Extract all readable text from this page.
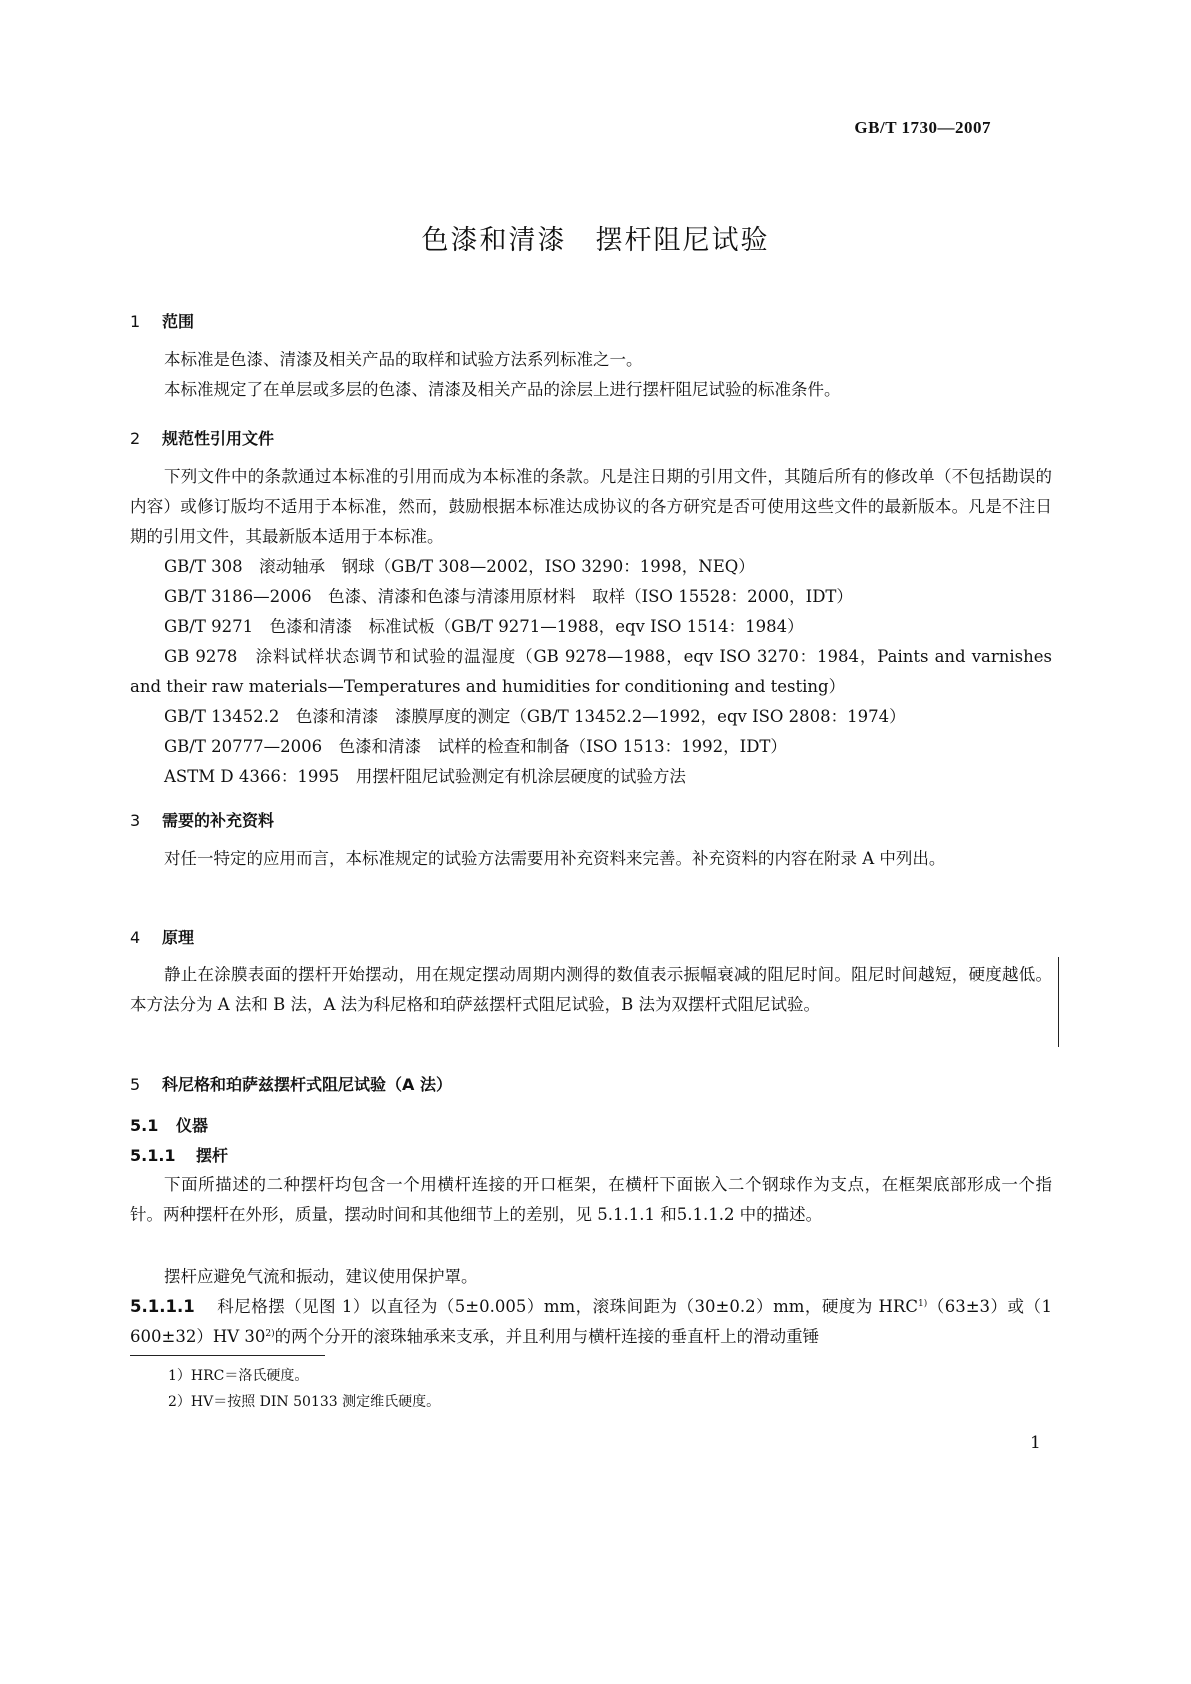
GB/T 1730—2007
色漆和清漆　摆杆阻尼试验
1 范围
本标准是色漆、清漆及相关产品的取样和试验方法系列标准之一。
本标准规定了在单层或多层的色漆、清漆及相关产品的涂层上进行摆杆阻尼试验的标准条件。
2 规范性引用文件
下列文件中的条款通过本标准的引用而成为本标准的条款。凡是注日期的引用文件，其随后所有的修改单（不包括勘误的内容）或修订版均不适用于本标准，然而，鼓励根据本标准达成协议的各方研究是否可使用这些文件的最新版本。凡是不注日期的引用文件，其最新版本适用于本标准。
GB/T 308　滚动轴承　钢球（GB/T 308—2002，ISO 3290：1998，NEQ）
GB/T 3186—2006　色漆、清漆和色漆与清漆用原材料　取样（ISO 15528：2000，IDT）
GB/T 9271　色漆和清漆　标准试板（GB/T 9271—1988，eqv ISO 1514：1984）
GB 9278　涂料试样状态调节和试验的温湿度（GB 9278—1988，eqv ISO 3270：1984，Paints and varnishes and their raw materials—Temperatures and humidities for conditioning and testing）
GB/T 13452.2　色漆和清漆　漆膜厚度的测定（GB/T 13452.2—1992，eqv ISO 2808：1974）
GB/T 20777—2006　色漆和清漆　试样的检查和制备（ISO 1513：1992，IDT）
ASTM D 4366：1995　用摆杆阻尼试验测定有机涂层硬度的试验方法
3 需要的补充资料
对任一特定的应用而言，本标准规定的试验方法需要用补充资料来完善。补充资料的内容在附录 A 中列出。
4 原理
静止在涂膜表面的摆杆开始摆动，用在规定摆动周期内测得的数值表示振幅衰减的阻尼时间。阻尼时间越短，硬度越低。本方法分为 A 法和 B 法，A 法为科尼格和珀萨兹摆杆式阻尼试验，B 法为双摆杆式阻尼试验。
5 科尼格和珀萨兹摆杆式阻尼试验（A 法）
5.1 仪器
5.1.1 摆杆
下面所描述的二种摆杆均包含一个用横杆连接的开口框架，在横杆下面嵌入二个钢球作为支点，在框架底部形成一个指针。两种摆杆在外形，质量，摆动时间和其他细节上的差别，见 5.1.1.1 和5.1.1.2 中的描述。
摆杆应避免气流和振动，建议使用保护罩。
5.1.1.1 科尼格摆（见图 1）以直径为（5±0.005）mm，滚珠间距为（30±0.2）mm，硬度为 $HRC^{1)}(63\pm 3)$或（1 600±32）HV 30$^{2)}$的两个分开的滚珠轴承来支承，并且利用与横杆连接的垂直杆上的滑动重锤
1）HRC＝洛氏硬度。
2）HV＝按照 DIN 50133 测定维氏硬度。
1
